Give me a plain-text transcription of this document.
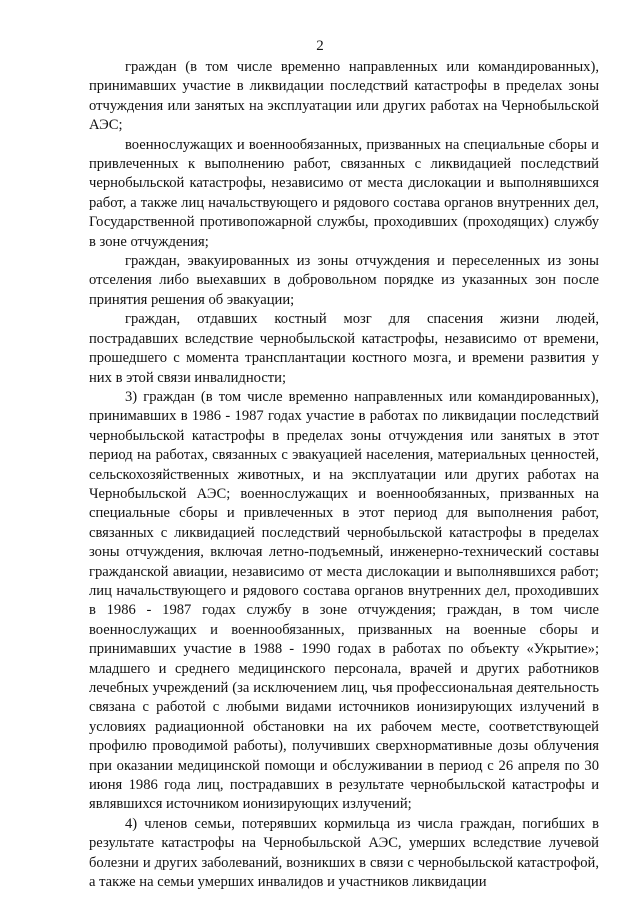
2

граждан (в том числе временно направленных или командированных), принимавших участие в ликвидации последствий катастрофы в пределах зоны отчуждения или занятых на эксплуатации или других работах на Чернобыльской АЭС;

военнослужащих и военнообязанных, призванных на специальные сборы и привлеченных к выполнению работ, связанных с ликвидацией последствий чернобыльской катастрофы, независимо от места дислокации и выполнявшихся работ, а также лиц начальствующего и рядового состава органов внутренних дел, Государственной противопожарной службы, проходивших (проходящих) службу в зоне отчуждения;

граждан, эвакуированных из зоны отчуждения и переселенных из зоны отселения либо выехавших в добровольном порядке из указанных зон после принятия решения об эвакуации;

граждан, отдавших костный мозг для спасения жизни людей, пострадавших вследствие чернобыльской катастрофы, независимо от времени, прошедшего с момента трансплантации костного мозга, и времени развития у них в этой связи инвалидности;

3) граждан (в том числе временно направленных или командированных), принимавших в 1986 - 1987 годах участие в работах по ликвидации последствий чернобыльской катастрофы в пределах зоны отчуждения или занятых в этот период на работах, связанных с эвакуацией населения, материальных ценностей, сельскохозяйственных животных, и на эксплуатации или других работах на Чернобыльской АЭС; военнослужащих и военнообязанных, призванных на специальные сборы и привлеченных в этот период для выполнения работ, связанных с ликвидацией последствий чернобыльской катастрофы в пределах зоны отчуждения, включая летно-подъемный, инженерно-технический составы гражданской авиации, независимо от места дислокации и выполнявшихся работ; лиц начальствующего и рядового состава органов внутренних дел, проходивших в 1986 - 1987 годах службу в зоне отчуждения; граждан, в том числе военнослужащих и военнообязанных, призванных на военные сборы и принимавших участие в 1988 - 1990 годах в работах по объекту «Укрытие»; младшего и среднего медицинского персонала, врачей и других работников лечебных учреждений (за исключением лиц, чья профессиональная деятельность связана с работой с любыми видами источников ионизирующих излучений в условиях радиационной обстановки на их рабочем месте, соответствующей профилю проводимой работы), получивших сверхнормативные дозы облучения при оказании медицинской помощи и обслуживании в период с 26 апреля по 30 июня 1986 года лиц, пострадавших в результате чернобыльской катастрофы и являвшихся источником ионизирующих излучений;

4) членов семьи, потерявших кормильца из числа граждан, погибших в результате катастрофы на Чернобыльской АЭС, умерших вследствие лучевой болезни и других заболеваний, возникших в связи с чернобыльской катастрофой, а также на семьи умерших инвалидов и участников ликвидации
